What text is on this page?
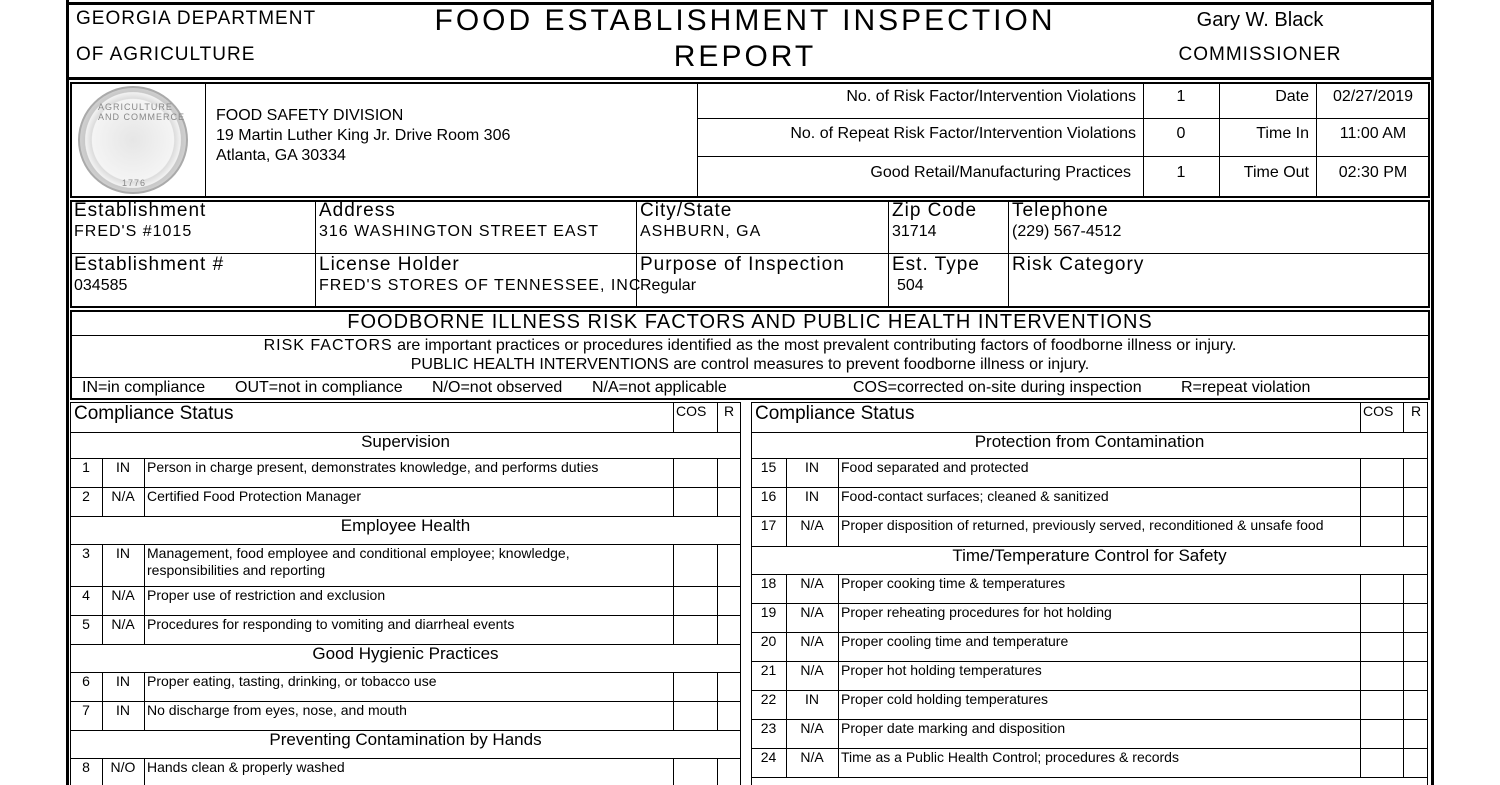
GEORGIA DEPARTMENT
OF AGRICULTURE
FOOD ESTABLISHMENT INSPECTION
REPORT
Gary W. Black
COMMISSIONER
AGRICULTURE AND COMMERCE
1776
FOOD SAFETY DIVISION
19 Martin Luther King Jr. Drive Room 306
Atlanta, GA 30334
No. of Risk Factor/Intervention Violations	1
No. of Repeat Risk Factor/Intervention Violations	0
Good Retail/Manufacturing Practices	1
Date	02/27/2019
Time In	11:00 AM
Time Out	02:30 PM
Establishment
FRED'S #1015
Address
316 WASHINGTON STREET EAST
City/State
ASHBURN, GA
Zip Code
31714
Telephone
(229) 567-4512
Establishment #
034585
License Holder
FRED'S STORES OF TENNESSEE, INC
Purpose of Inspection
Regular
Est. Type
504
Risk Category
FOODBORNE ILLNESS RISK FACTORS AND PUBLIC HEALTH INTERVENTIONS
RISK FACTORS are important practices or procedures identified as the most prevalent contributing factors of foodborne illness or injury.
PUBLIC HEALTH INTERVENTIONS are control measures to prevent foodborne illness or injury.
IN=in compliance OUT=not in compliance N/O=not observed N/A=not applicable	COS=corrected on-site during inspection R=repeat violation
Compliance Status	COS R
Supervision
1	IN	Person in charge present, demonstrates knowledge, and performs duties
2	N/A Certified Food Protection Manager
Employee Health
3	IN	Management, food employee and conditional employee; knowledge,
responsibilities and reporting
4	N/A Proper use of restriction and exclusion
5	N/A Procedures for responding to vomiting and diarrheal events
Good Hygienic Practices
6	IN	Proper eating, tasting, drinking, or tobacco use
7	IN	No discharge from eyes, nose, and mouth
Preventing Contamination by Hands
8	N/O Hands clean & properly washed
Compliance Status	COS R
Protection from Contamination
15	IN	Food separated and protected
16	IN	Food-contact surfaces; cleaned & sanitized
17	N/A	Proper disposition of returned, previously served, reconditioned & unsafe food
Time/Temperature Control for Safety
18	N/A	Proper cooking time & temperatures
19	N/A	Proper reheating procedures for hot holding
20	N/A	Proper cooling time and temperature
21	N/A	Proper hot holding temperatures
22	IN	Proper cold holding temperatures
23	N/A	Proper date marking and disposition
24	N/A	Time as a Public Health Control; procedures & records
